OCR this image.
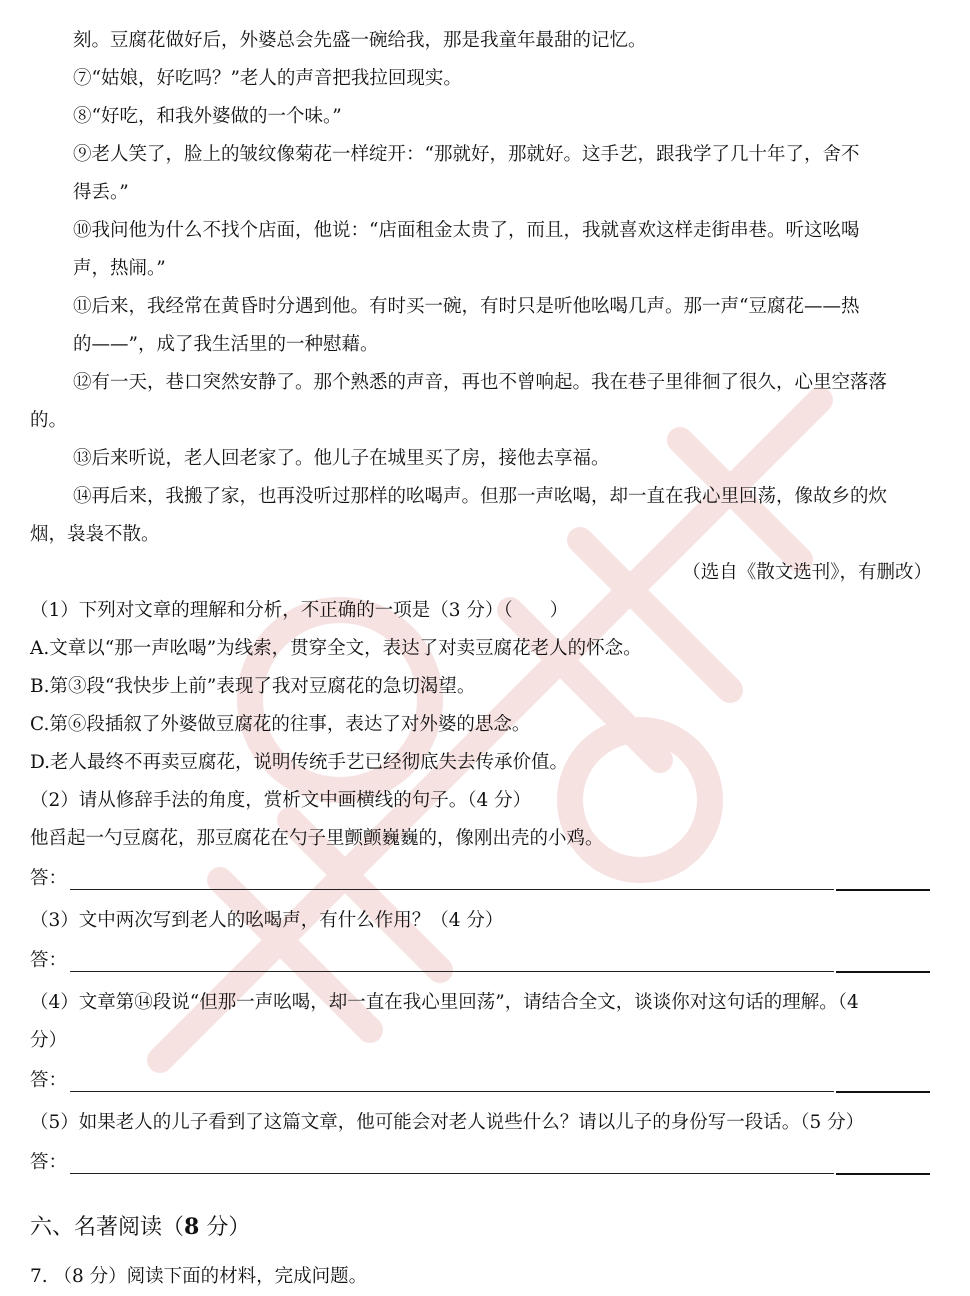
刻。豆腐花做好后，外婆总会先盛一碗给我，那是我童年最甜的记忆。
⑦“姑娘，好吃吗？”老人的声音把我拉回现实。
⑧“好吃，和我外婆做的一个味。”
⑨老人笑了，脸上的皱纹像菊花一样绽开：“那就好，那就好。这手艺，跟我学了几十年了，舍不
得丢。”
⑩我问他为什么不找个店面，他说：“店面租金太贵了，而且，我就喜欢这样走街串巷。听这吆喝
声，热闹。”
⑪后来，我经常在黄昏时分遇到他。有时买一碗，有时只是听他吆喝几声。那一声“豆腐花——热
的——”，成了我生活里的一种慰藉。
⑫有一天，巷口突然安静了。那个熟悉的声音，再也不曾响起。我在巷子里徘徊了很久，心里空落落
的。
⑬后来听说，老人回老家了。他儿子在城里买了房，接他去享福。
⑭再后来，我搬了家，也再没听过那样的吆喝声。但那一声吆喝，却一直在我心里回荡，像故乡的炊
烟，袅袅不散。
（选自《散文选刊》，有删改）
（1）下列对文章的理解和分析，不正确的一项是（3 分）（　　）
A.文章以“那一声吆喝”为线索，贯穿全文，表达了对卖豆腐花老人的怀念。
B.第③段“我快步上前”表现了我对豆腐花的急切渴望。
C.第⑥段插叙了外婆做豆腐花的往事，表达了对外婆的思念。
D.老人最终不再卖豆腐花，说明传统手艺已经彻底失去传承价值。
（2）请从修辞手法的角度，赏析文中画横线的句子。（4 分）
他舀起一勺豆腐花，那豆腐花在勺子里颤颤巍巍的，像刚出壳的小鸡。
答：
（3）文中两次写到老人的吆喝声，有什么作用？（4 分）
答：
（4）文章第⑭段说“但那一声吆喝，却一直在我心里回荡”，请结合全文，谈谈你对这句话的理解。（4
分）
答：
（5）如果老人的儿子看到了这篇文章，他可能会对老人说些什么？请以儿子的身份写一段话。（5 分）
答：
六、名著阅读（8 分）
7. （8 分）阅读下面的材料，完成问题。
